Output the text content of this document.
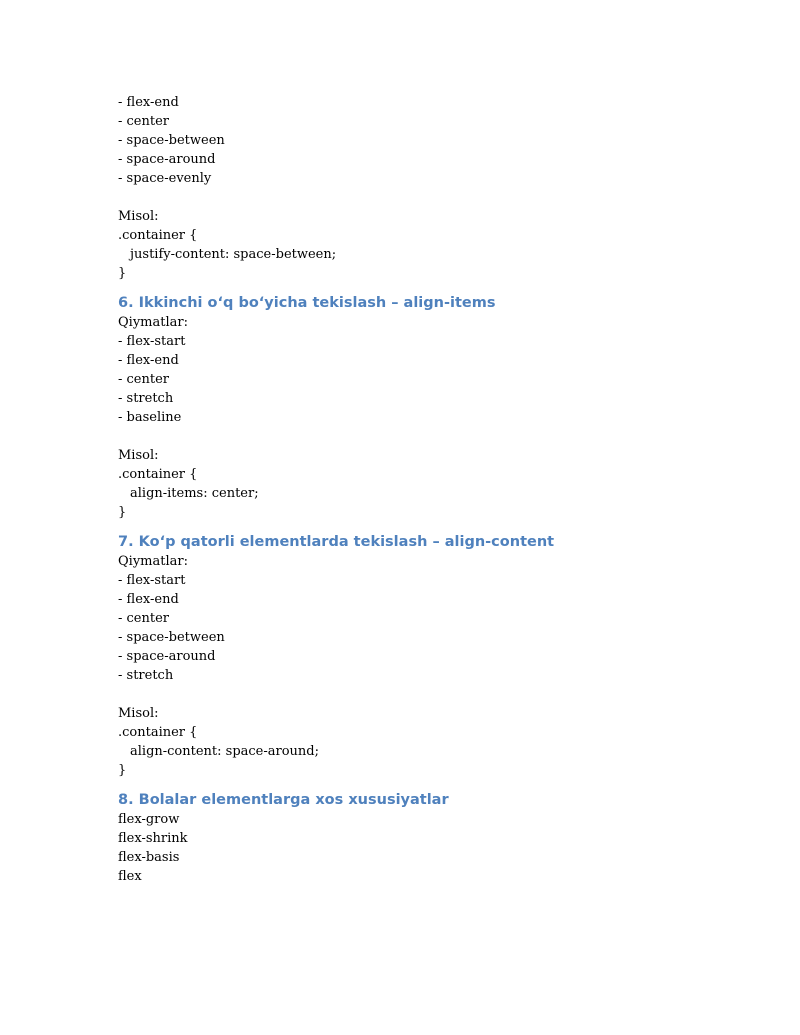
- flex-end
- center
- space-between
- space-around
- space-evenly
Misol:
.container {
justify-content: space-between;
}
6. Ikkinchi o‘q bo‘yicha tekislash – align-items
Qiymatlar:
- flex-start
- flex-end
- center
- stretch
- baseline
Misol:
.container {
align-items: center;
}
7. Ko‘p qatorli elementlarda tekislash – align-content
Qiymatlar:
- flex-start
- flex-end
- center
- space-between
- space-around
- stretch
Misol:
.container {
align-content: space-around;
}
8. Bolalar elementlarga xos xususiyatlar
flex-grow
flex-shrink
flex-basis
flex
